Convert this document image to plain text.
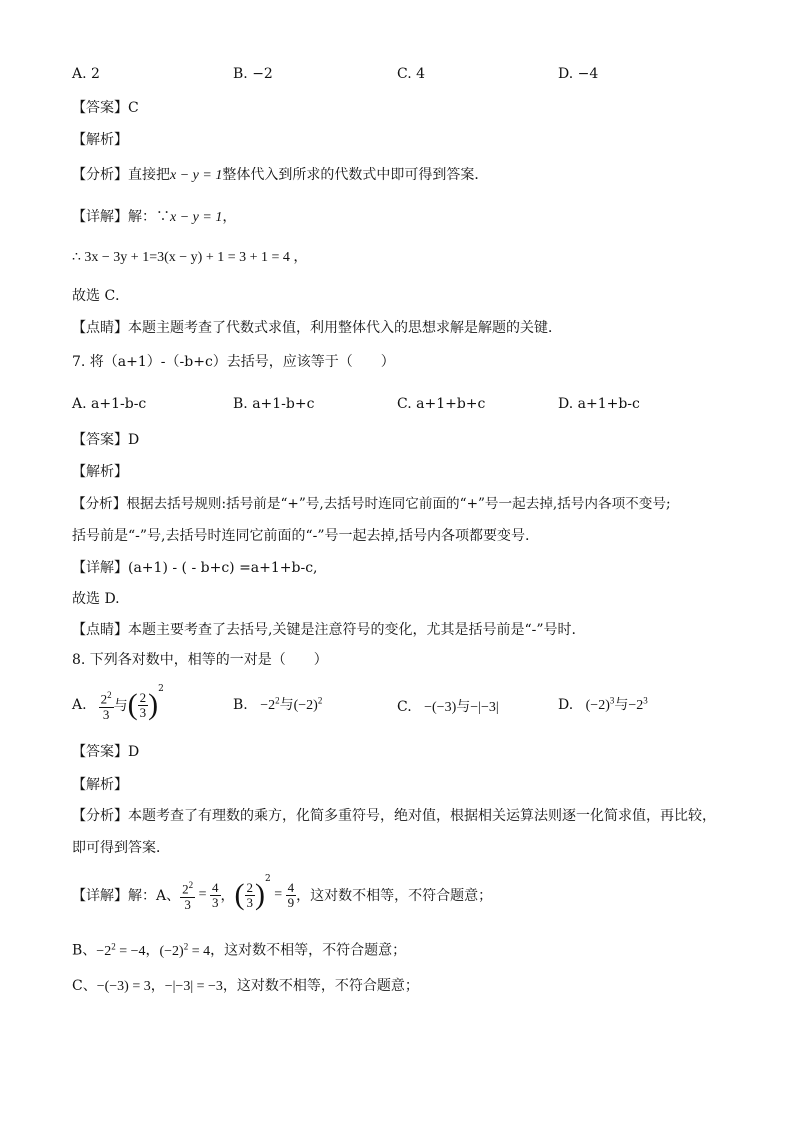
A. 2	B. −2	C. 4	D. −4
【答案】C
【解析】
【分析】直接把x − y = 1整体代入到所求的代数式中即可得到答案．
【详解】解：∵x − y = 1，
∴ 3x − 3y + 1=3(x − y) + 1 = 3 + 1 = 4 ，
故选 C．
【点睛】本题主题考查了代数式求值，利用整体代入的思想求解是解题的关键．
7. 将（a+1）-（-b+c）去括号，应该等于（　　）
A. a+1-b-c	B. a+1-b+c	C. a+1+b+c	D. a+1+b-c
【答案】D
【解析】
【分析】根据去括号规则:括号前是“+”号,去括号时连同它前面的“+”号一起去掉,括号内各项不变号;
括号前是“-”号,去括号时连同它前面的“-”号一起去掉,括号内各项都要变号.
【详解】(a+1) - ( - b+c) =a+1+b-c,
故选 D.
【点睛】本题主要考查了去括号,关键是注意符号的变化，尤其是括号前是“-”号时.
8. 下列各对数中，相等的一对是（　　）
A. $\frac{2^2}{3}$ 与 ( $\frac{2}{3} )^2$
B. $-2^2$与$(-2)^2$	C. −(−3)与−|−3|	D. $(-2)^3$与$-2^3$
【答案】D
【解析】
【分析】本题考查了有理数的乘方，化简多重符号，绝对值，根据相关运算法则逐一化简求值，再比较，
即可得到答案．
【详解】解：A、 $\frac{2^2}{3} = \frac{4}{3}$ ， ( $\frac{2}{3} )^2$
= $\frac{4}{9}$ ，这对数不相等，不符合题意；
B、$-2^2 = -4$，$(-2)^2 = 4$，这对数不相等，不符合题意；
C、−(−3) = 3，−|−3| = −3，这对数不相等，不符合题意；
